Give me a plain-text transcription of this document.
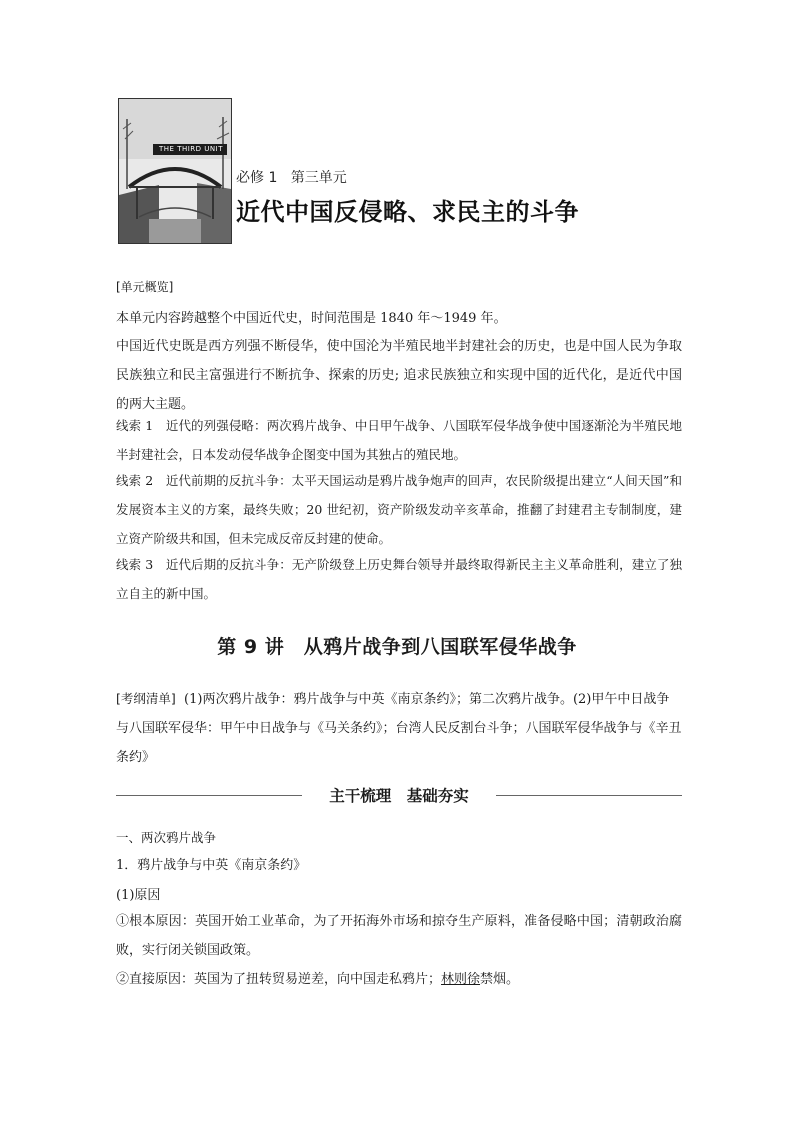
THE THIRD UNIT
必修 1   第三单元
近代中国反侵略、求民主的斗争
[单元概览]
本单元内容跨越整个中国近代史，时间范围是 1840 年～1949 年。
中国近代史既是西方列强不断侵华，使中国沦为半殖民地半封建社会的历史，也是中国人民为争取民族独立和民主富强进行不断抗争、探索的历史; 追求民族独立和实现中国的近代化，是近代中国的两大主题。
线索 1　近代的列强侵略：两次鸦片战争、中日甲午战争、八国联军侵华战争使中国逐渐沦为半殖民地半封建社会，日本发动侵华战争企图变中国为其独占的殖民地。
线索 2　近代前期的反抗斗争：太平天国运动是鸦片战争炮声的回声，农民阶级提出建立“人间天国”和发展资本主义的方案，最终失败；20 世纪初，资产阶级发动辛亥革命，推翻了封建君主专制制度，建立资产阶级共和国，但未完成反帝反封建的使命。
线索 3　近代后期的反抗斗争：无产阶级登上历史舞台领导并最终取得新民主主义革命胜利，建立了独立自主的新中国。
第 9 讲　从鸦片战争到八国联军侵华战争
[考纲清单]  (1)两次鸦片战争：鸦片战争与中英《南京条约》；第二次鸦片战争。(2)甲午中日战争与八国联军侵华：甲午中日战争与《马关条约》；台湾人民反割台斗争；八国联军侵华战争与《辛丑条约》
主干梳理　基础夯实
一、两次鸦片战争
1．鸦片战争与中英《南京条约》
(1)原因
①根本原因：英国开始工业革命，为了开拓海外市场和掠夺生产原料，准备侵略中国；清朝政治腐败，实行闭关锁国政策。
②直接原因：英国为了扭转贸易逆差，向中国走私鸦片；林则徐禁烟。
